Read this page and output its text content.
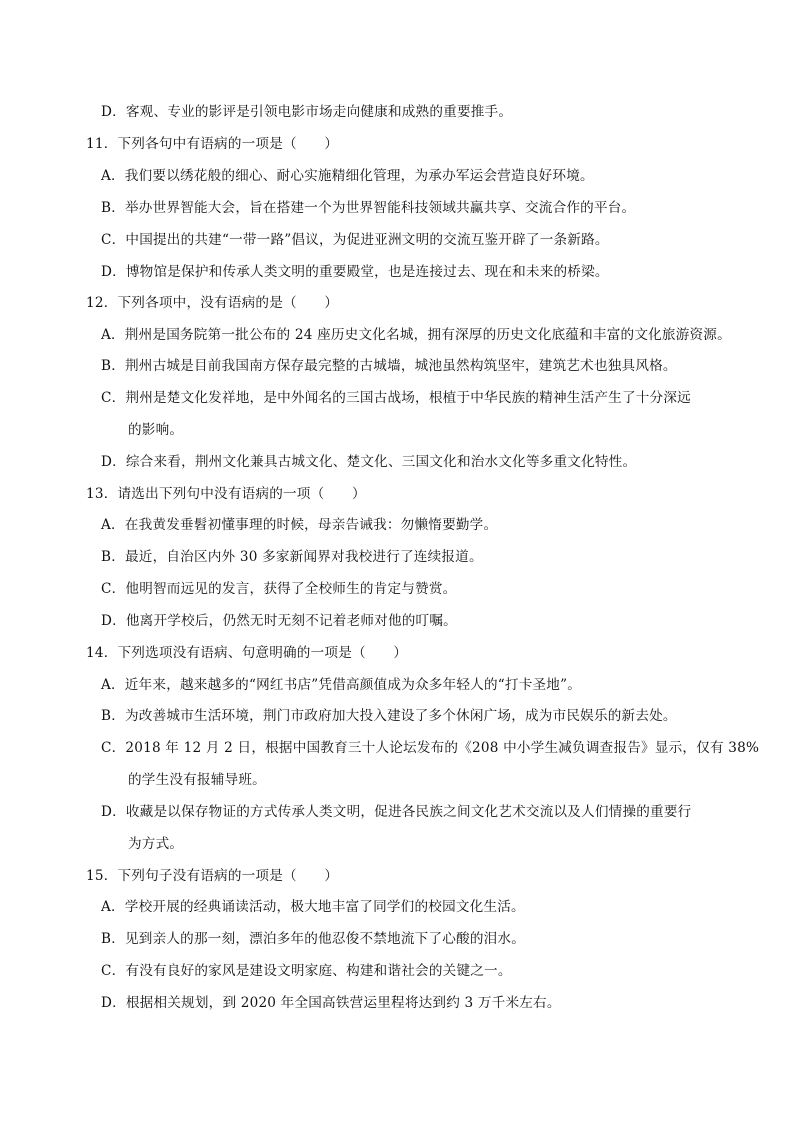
D．客观、专业的影评是引领电影市场走向健康和成熟的重要推手。
11．下列各句中有语病的一项是（　　）
A．我们要以绣花般的细心、耐心实施精细化管理，为承办军运会营造良好环境。
B．举办世界智能大会，旨在搭建一个为世界智能科技领域共赢共享、交流合作的平台。
C．中国提出的共建“一带一路”倡议，为促进亚洲文明的交流互鉴开辟了一条新路。
D．博物馆是保护和传承人类文明的重要殿堂，也是连接过去、现在和未来的桥梁。
12．下列各项中，没有语病的是（　　）
A．荆州是国务院第一批公布的 24 座历史文化名城，拥有深厚的历史文化底蕴和丰富的文化旅游资源。
B．荆州古城是目前我国南方保存最完整的古城墙，城池虽然构筑坚牢，建筑艺术也独具风格。
C．荆州是楚文化发祥地，是中外闻名的三国古战场，根植于中华民族的精神生活产生了十分深远
的影响。
D．综合来看，荆州文化兼具古城文化、楚文化、三国文化和治水文化等多重文化特性。
13．请选出下列句中没有语病的一项（　　）
A．在我黄发垂髫初懂事理的时候，母亲告诫我：勿懒惰要勤学。
B．最近，自治区内外 30 多家新闻界对我校进行了连续报道。
C．他明智而远见的发言，获得了全校师生的肯定与赞赏。
D．他离开学校后，仍然无时无刻不记着老师对他的叮嘱。
14．下列选项没有语病、句意明确的一项是（　　）
A．近年来，越来越多的“网红书店”凭借高颜值成为众多年轻人的“打卡圣地”。
B．为改善城市生活环境，荆门市政府加大投入建设了多个休闲广场，成为市民娱乐的新去处。
C．2018 年 12 月 2 日，根据中国教育三十人论坛发布的《208 中小学生减负调查报告》显示，仅有 38%
的学生没有报辅导班。
D．收藏是以保存物证的方式传承人类文明，促进各民族之间文化艺术交流以及人们情操的重要行
为方式。
15．下列句子没有语病的一项是（　　）
A．学校开展的经典诵读活动，极大地丰富了同学们的校园文化生活。
B．见到亲人的那一刻，漂泊多年的他忍俊不禁地流下了心酸的泪水。
C．有没有良好的家风是建设文明家庭、构建和谐社会的关键之一。
D．根据相关规划，到 2020 年全国高铁营运里程将达到约 3 万千米左右。
